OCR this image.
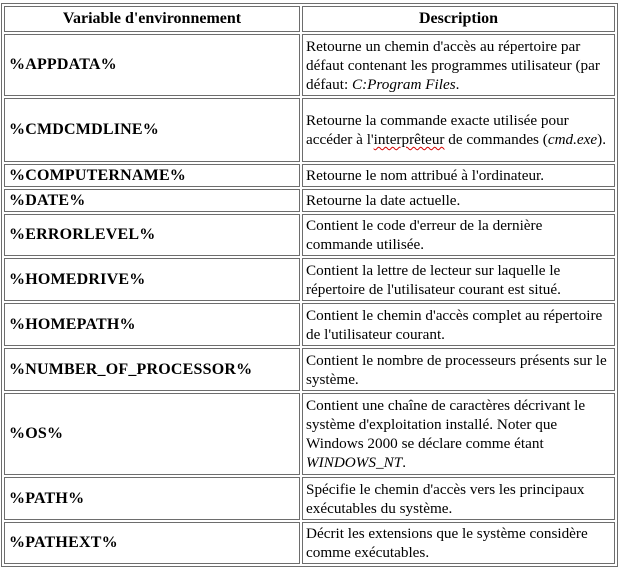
Variable d'environnement	Description
%APPDATA%	Retourne un chemin d'accès au répertoire par défaut contenant les programmes utilisateur (par défaut: C:Program Files.
%CMDCMDLINE%	Retourne la commande exacte utilisée pour accéder à l'interprêteur de commandes (cmd.exe).
%COMPUTERNAME%	Retourne le nom attribué à l'ordinateur.
%DATE%	Retourne la date actuelle.
%ERRORLEVEL%	Contient le code d'erreur de la dernière commande utilisée.
%HOMEDRIVE%	Contient la lettre de lecteur sur laquelle le répertoire de l'utilisateur courant est situé.
%HOMEPATH%	Contient le chemin d'accès complet au répertoire de l'utilisateur courant.
%NUMBER_OF_PROCESSOR%	Contient le nombre de processeurs présents sur le système.
%OS%	Contient une chaîne de caractères décrivant le système d'exploitation installé. Noter que Windows 2000 se déclare comme étant WINDOWS_NT.
%PATH%	Spécifie le chemin d'accès vers les principaux exécutables du système.
%PATHEXT%	Décrit les extensions que le système considère comme exécutables.
